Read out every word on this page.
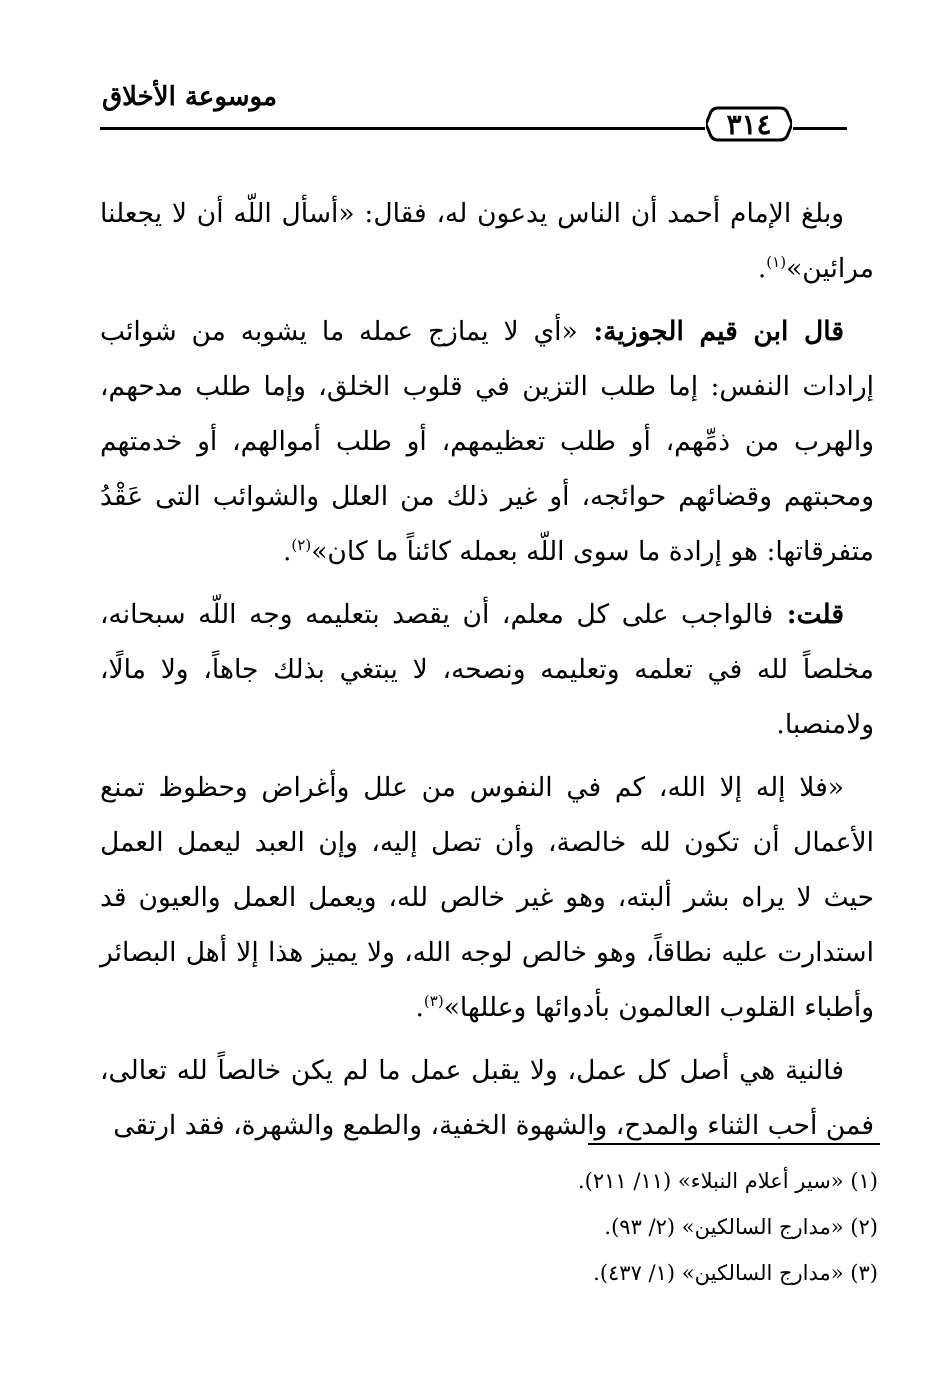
موسوعة الأخلاق
٣١٤

وبلغ الإمام أحمد أن الناس يدعون له، فقال: «أسأل اللّه أن لا يجعلنا مرائين»$^{(١)}$.

قال ابن قيم الجوزية: «أي لا يمازج عمله ما يشوبه من شوائب إرادات النفس: إما طلب التزين في قلوب الخلق، وإما طلب مدحهم، والهرب من ذمِّهم، أو طلب تعظيمهم، أو طلب أموالهم، أو خدمتهم ومحبتهم وقضائهم حوائجه، أو غير ذلك من العلل والشوائب التى عَقْدُ متفرقاتها: هو إرادة ما سوى اللّه بعمله كائناً ما كان»$^{(٢)}$.

قلت: فالواجب على كل معلم، أن يقصد بتعليمه وجه اللّه سبحانه، مخلصاً لله في تعلمه وتعليمه ونصحه، لا يبتغي بذلك جاهاً، ولا مالًا، ولامنصبا.

«فلا إله إلا الله، كم في النفوس من علل وأغراض وحظوظ تمنع الأعمال أن تكون لله خالصة، وأن تصل إليه، وإن العبد ليعمل العمل حيث لا يراه بشر ألبته، وهو غير خالص لله، ويعمل العمل والعيون قد استدارت عليه نطاقاً، وهو خالص لوجه الله، ولا يميز هذا إلا أهل البصائر وأطباء القلوب العالمون بأدوائها وعللها»$^{(٣)}$.

فالنية هي أصل كل عمل، ولا يقبل عمل ما لم يكن خالصاً لله تعالى، فمن أحب الثناء والمدح، والشهوة الخفية، والطمع والشهرة، فقد ارتقى

(١) «سير أعلام النبلاء» (١١/ ٢١١).

(٢) «مدارج السالكين» (٢/ ٩٣).

(٣) «مدارج السالكين» (١/ ٤٣٧).
